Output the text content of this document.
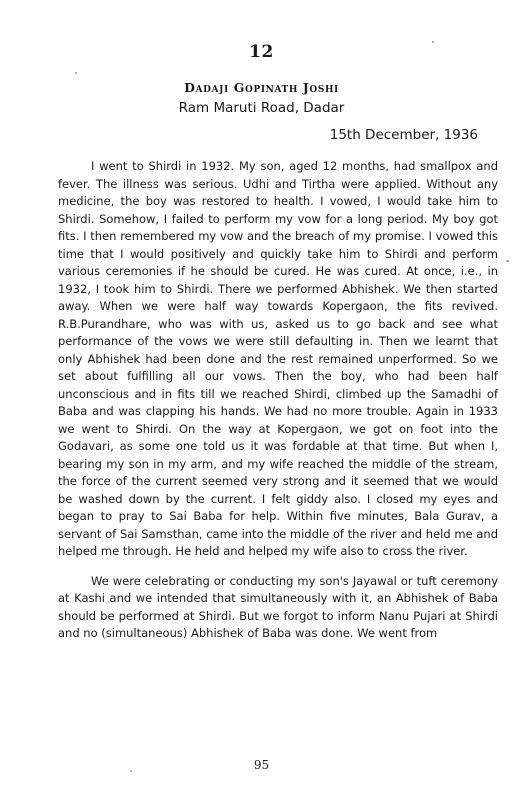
12
Dadaji Gopinath Joshi
Ram Maruti Road, Dadar
15th December, 1936

I went to Shirdi in 1932. My son, aged 12 months, had smallpox and fever. The illness was serious. Udhi and Tirtha were applied. Without any medicine, the boy was restored to health. I vowed, I would take him to Shirdi. Somehow, I failed to perform my vow for a long period. My boy got fits. I then remembered my vow and the breach of my promise. I vowed this time that I would positively and quickly take him to Shirdi and perform various ceremonies if he should be cured. He was cured. At once, i.e., in 1932, I took him to Shirdi. There we performed Abhishek. We then started away. When we were half way towards Kopergaon, the fits revived. R.B.Purandhare, who was with us, asked us to go back and see what performance of the vows we were still defaulting in. Then we learnt that only Abhishek had been done and the rest remained unperformed. So we set about fulfilling all our vows. Then the boy, who had been half unconscious and in fits till we reached Shirdi, climbed up the Samadhi of Baba and was clapping his hands. We had no more trouble. Again in 1933 we went to Shirdi. On the way at Kopergaon, we got on foot into the Godavari, as some one told us it was fordable at that time. But when I, bearing my son in my arm, and my wife reached the middle of the stream, the force of the current seemed very strong and it seemed that we would be washed down by the current. I felt giddy also. I closed my eyes and began to pray to Sai Baba for help. Within five minutes, Bala Gurav, a servant of Sai Samsthan, came into the middle of the river and held me and helped me through. He held and helped my wife also to cross the river.

We were celebrating or conducting my son's Jayawal or tuft ceremony at Kashi and we intended that simultaneously with it, an Abhishek of Baba should be performed at Shirdi. But we forgot to inform Nanu Pujari at Shirdi and no (simultaneous) Abhishek of Baba was done. We went from

95
